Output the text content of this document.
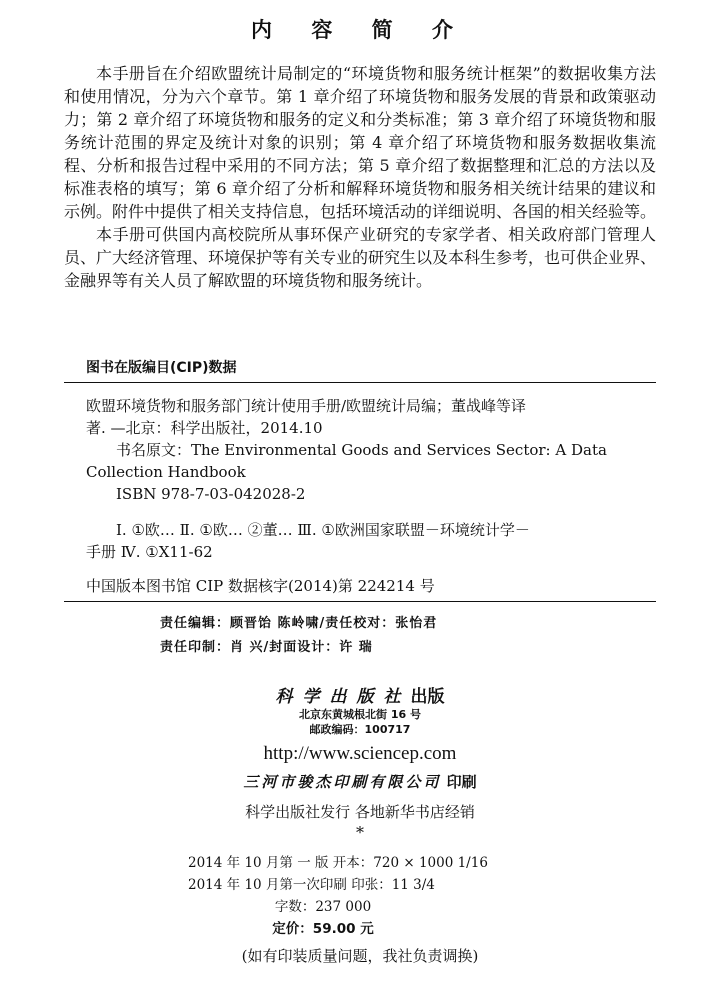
内 容 简 介

本手册旨在介绍欧盟统计局制定的“环境货物和服务统计框架”的数据收集方法和使用情况，分为六个章节。第 1 章介绍了环境货物和服务发展的背景和政策驱动力；第 2 章介绍了环境货物和服务的定义和分类标准；第 3 章介绍了环境货物和服务统计范围的界定及统计对象的识别；第 4 章介绍了环境货物和服务数据收集流程、分析和报告过程中采用的不同方法；第 5 章介绍了数据整理和汇总的方法以及标准表格的填写；第 6 章介绍了分析和解释环境货物和服务相关统计结果的建议和示例。附件中提供了相关支持信息，包括环境活动的详细说明、各国的相关经验等。

本手册可供国内高校院所从事环保产业研究的专家学者、相关政府部门管理人员、广大经济管理、环境保护等有关专业的研究生以及本科生参考，也可供企业界、金融界等有关人员了解欧盟的环境货物和服务统计。

图书在版编目(CIP)数据
欧盟环境货物和服务部门统计使用手册/欧盟统计局编；董战峰等译
著. —北京：科学出版社，2014.10
书名原文：The Environmental Goods and Services Sector: A Data
Collection Handbook
ISBN 978-7-03-042028-2
Ⅰ. ①欧… Ⅱ. ①欧… ②董… Ⅲ. ①欧洲国家联盟－环境统计学－
手册 Ⅳ. ①X11-62
中国版本图书馆 CIP 数据核字(2014)第 224214 号
责任编辑：顾晋饴 陈岭啸/责任校对：张怡君
责任印制：肖 兴/封面设计：许 瑞
科学出版社出版
北京东黄城根北街 16 号
邮政编码：100717
http://www.sciencep.com
三河市骏杰印刷有限公司 印刷
科学出版社发行 各地新华书店经销
*
2014 年 10 月第 一 版 开本：720 × 1000 1/16
2014 年 10 月第一次印刷 印张：11 3/4
字数：237 000
定价：59.00 元
(如有印装质量问题，我社负责调换)
